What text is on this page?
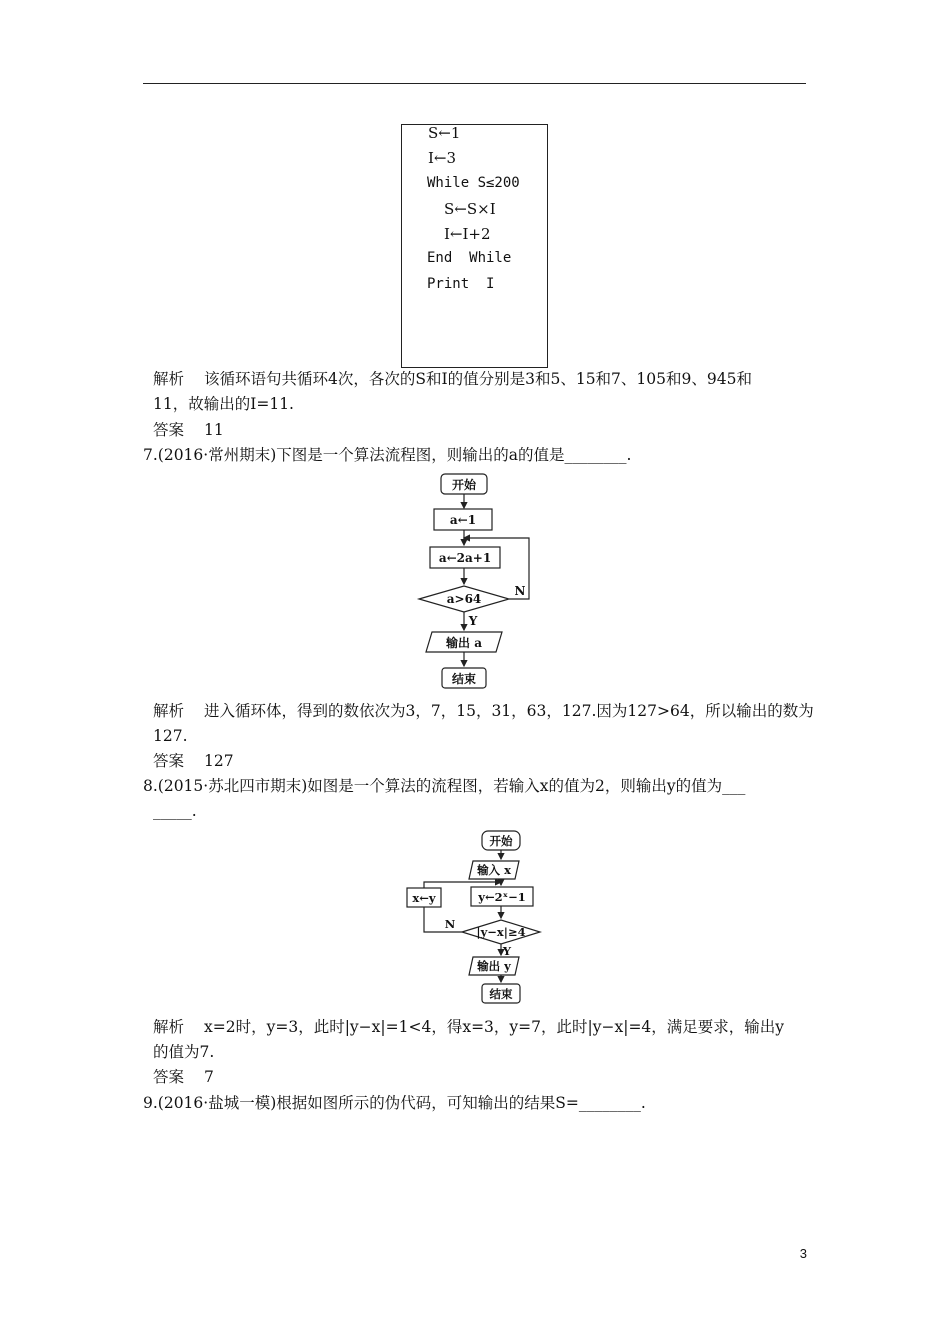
S←1
I←3
While S≤200
S←S×I
I←I+2
End  While
Print  I
解析 该循环语句共循环4次，各次的S和I的值分别是3和5、15和7、105和9、945和
11，故输出的I=11.
答案 11
7.(2016·常州期末)下图是一个算法流程图，则输出的a的值是________.
开始
a←1
a←2a+1
a>64
N
Y
输出 a
结束
开始
输入 x
y←2ˣ−1
x←y
|y−x|≥4
N
Y
输出 y
结束
解析 进入循环体，得到的数依次为3，7，15，31，63，127.因为127>64，所以输出的数为
127.
答案 127
8.(2015·苏北四市期末)如图是一个算法的流程图，若输入x的值为2，则输出y的值为___
_____.
解析 x=2时，y=3，此时|y−x|=1<4，得x=3，y=7，此时|y−x|=4，满足要求，输出y
的值为7.
答案 7
9.(2016·盐城一模)根据如图所示的伪代码，可知输出的结果S=________.
3
